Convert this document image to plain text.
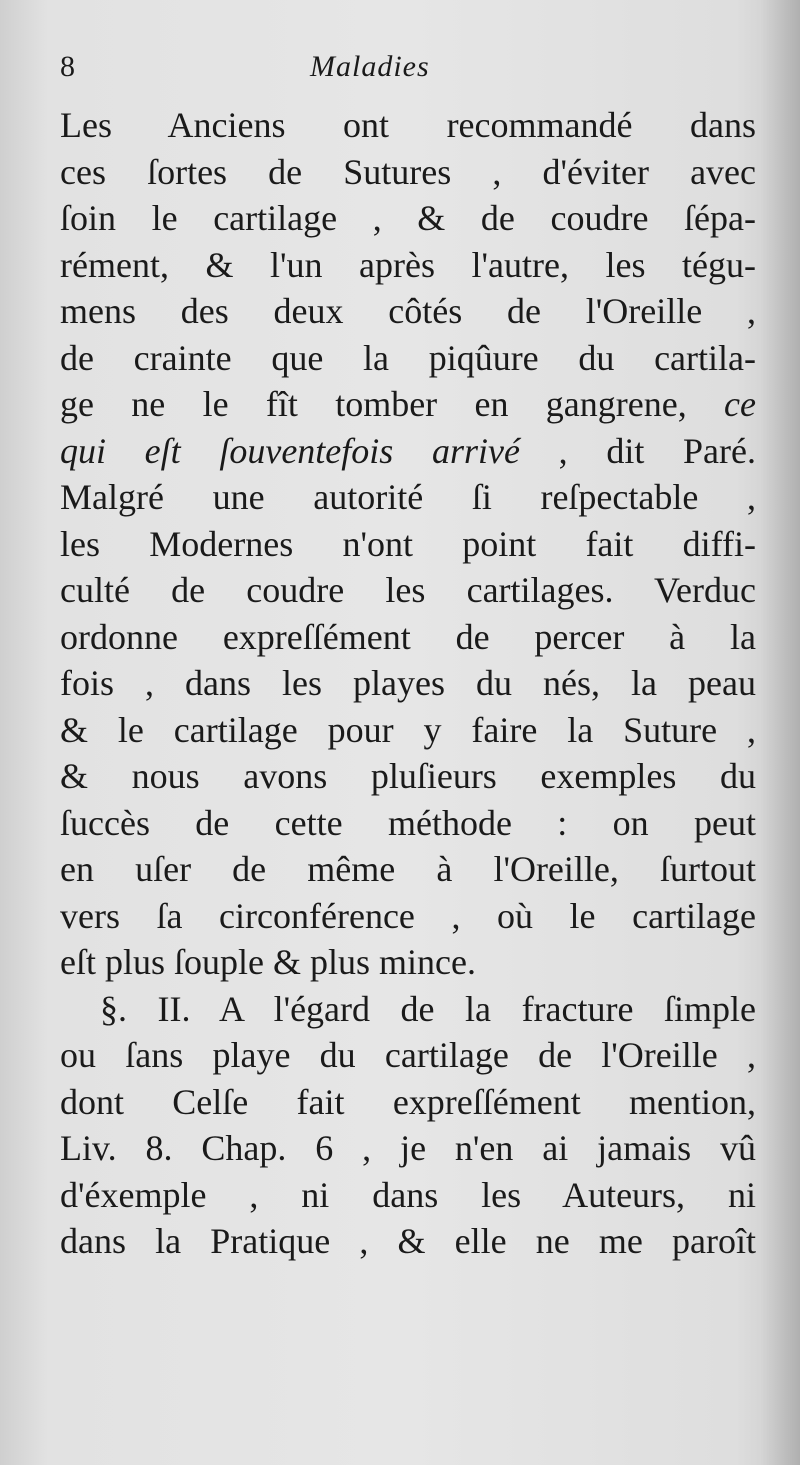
8	Maladies
Les Anciens ont recommandé dans
ces ſortes de Sutures , d'éviter avec
ſoin le cartilage , & de coudre ſépa-
rément, & l'un après l'autre, les tégu-
mens des deux côtés de l'Oreille ,
de crainte que la piqûure du cartila-
ge ne le fît tomber en gangrene, ce
qui eſt ſouventefois arrivé , dit Paré.
Malgré une autorité ſi reſpectable ,
les Modernes n'ont point fait diffi-
culté de coudre les cartilages. Verduc
ordonne expreſſément de percer à la
fois , dans les playes du nés, la peau
& le cartilage pour y faire la Suture ,
& nous avons pluſieurs exemples du
ſuccès de cette méthode : on peut
en uſer de même à l'Oreille, ſurtout
vers ſa circonférence , où le cartilage
eſt plus ſouple & plus mince.
§. II. A l'égard de la fracture ſimple
ou ſans playe du cartilage de l'Oreille ,
dont Celſe fait expreſſément mention,
Liv. 8. Chap. 6 , je n'en ai jamais vû
d'éxemple , ni dans les Auteurs, ni
dans la Pratique , & elle ne me paroît
